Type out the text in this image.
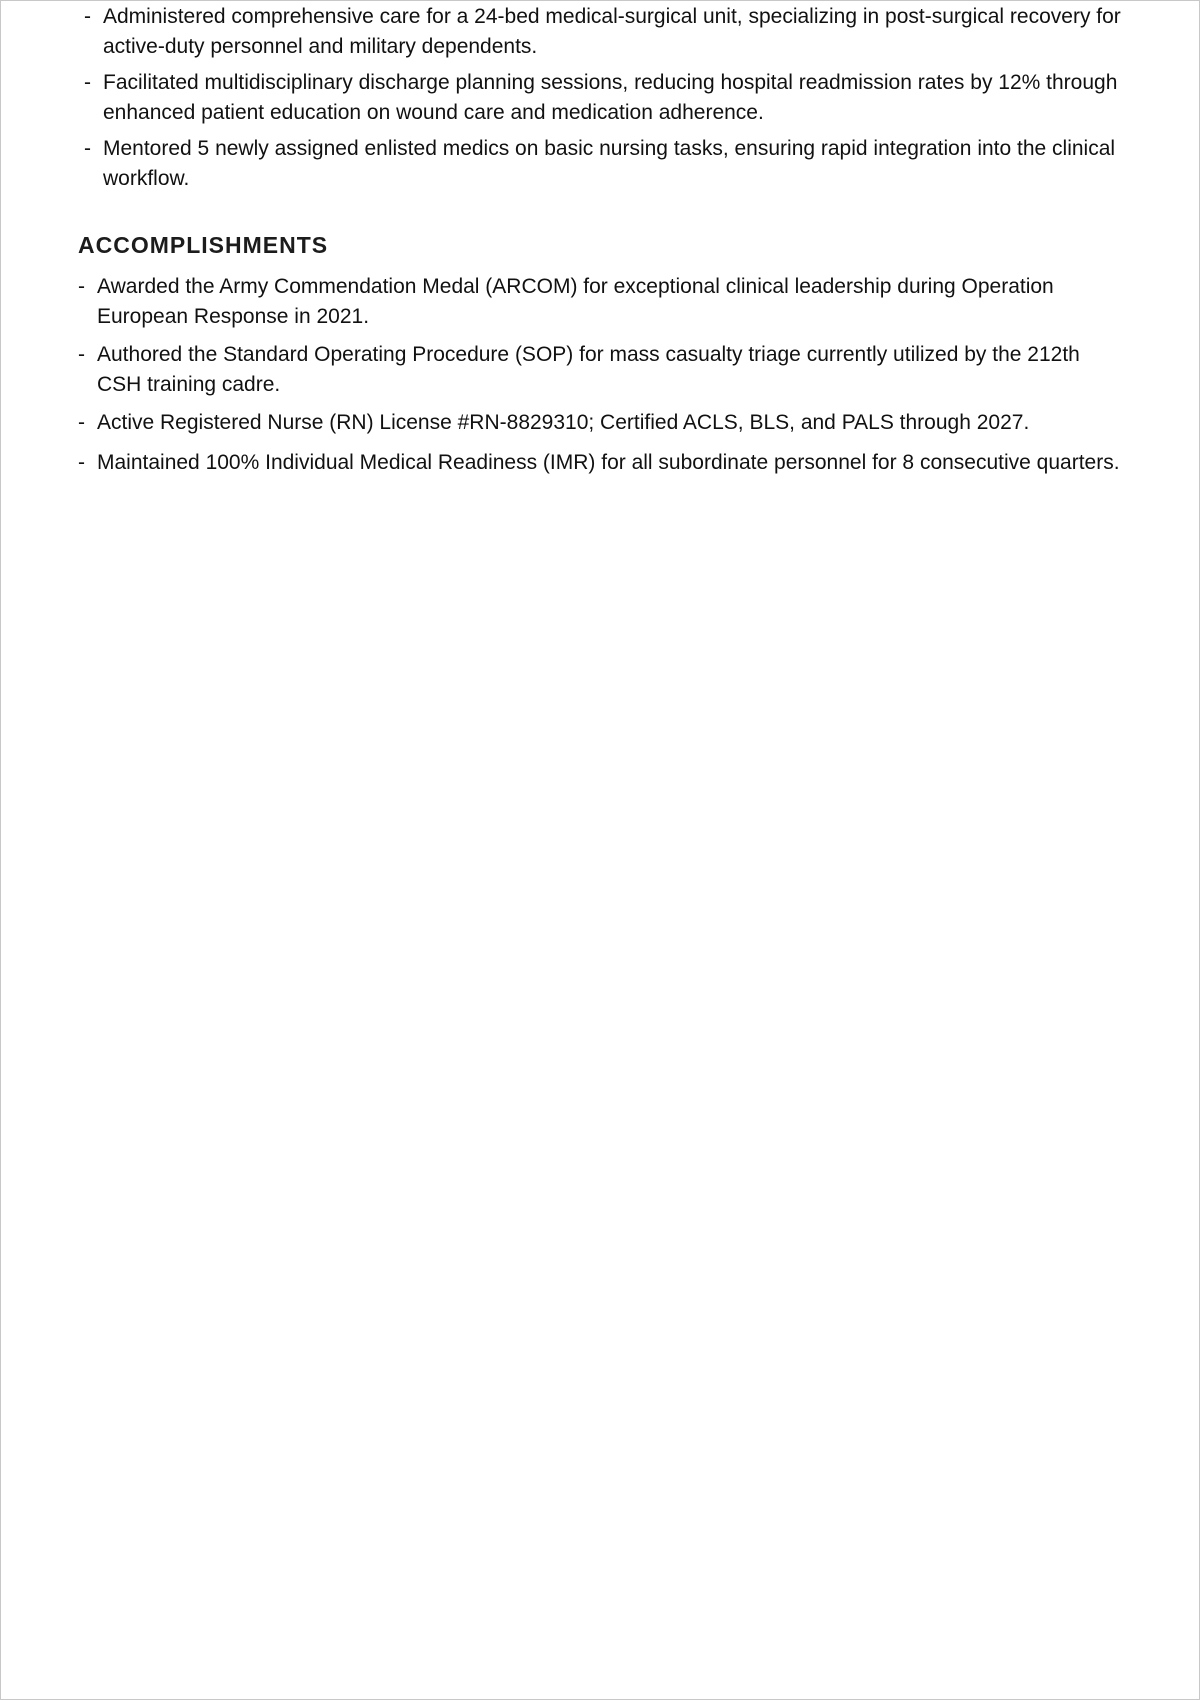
- Administered comprehensive care for a 24-bed medical-surgical unit, specializing in post-surgical recovery for active-duty personnel and military dependents.
- Facilitated multidisciplinary discharge planning sessions, reducing hospital readmission rates by 12% through enhanced patient education on wound care and medication adherence.
- Mentored 5 newly assigned enlisted medics on basic nursing tasks, ensuring rapid integration into the clinical workflow.
ACCOMPLISHMENTS
- Awarded the Army Commendation Medal (ARCOM) for exceptional clinical leadership during Operation European Response in 2021.
- Authored the Standard Operating Procedure (SOP) for mass casualty triage currently utilized by the 212th CSH training cadre.
- Active Registered Nurse (RN) License #RN-8829310; Certified ACLS, BLS, and PALS through 2027.
- Maintained 100% Individual Medical Readiness (IMR) for all subordinate personnel for 8 consecutive quarters.
